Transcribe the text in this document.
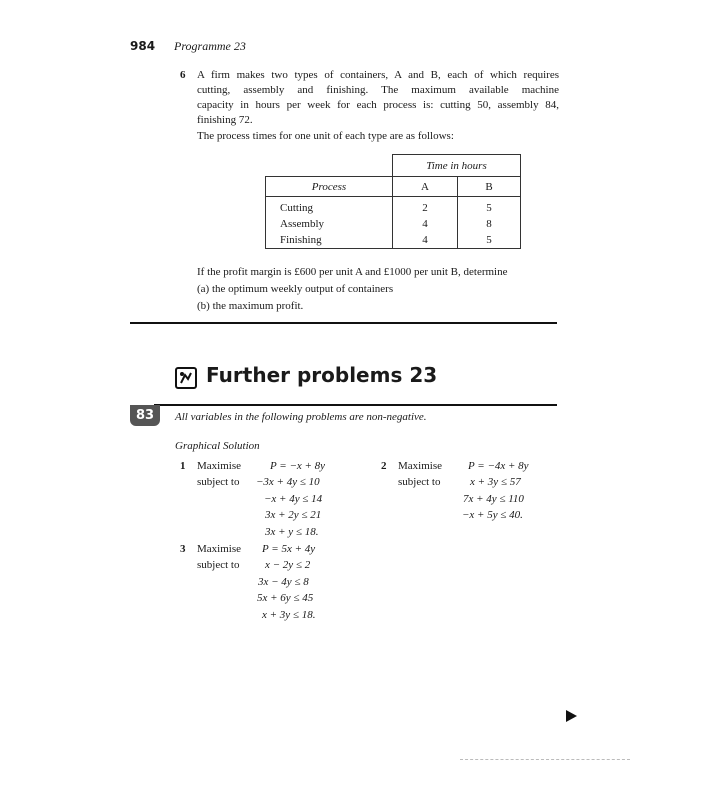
984 Programme 23
6 A firm makes two types of containers, A and B, each of which requires
cutting, assembly and finishing. The maximum available machine
capacity in hours per week for each process is: cutting 50, assembly 84,
finishing 72.
The process times for one unit of each type are as follows:
	Time in hours	
Process	A	B
Cutting	2	5
Assembly	4	8
Finishing	4	5
If the profit margin is £600 per unit A and £1000 per unit B, determine
(a) the optimum weekly output of containers
(b) the maximum profit.
Further problems 23
83	All variables in the following problems are non-negative.
Graphical Solution
1 Maximise	P = −x + 8y
subject to −3x + 4y ≤ 10
−x + 4y ≤ 14
3x + 2y ≤ 21
3x + y ≤ 18.
2 Maximise P = −4x + 8y
subject to	x + 3y ≤ 57
7x + 4y ≤ 110
−x + 5y ≤ 40.
3 Maximise P = 5x + 4y
subject to x − 2y ≤ 2
3x − 4y ≤ 8
5x + 6y ≤ 45
x + 3y ≤ 18.
